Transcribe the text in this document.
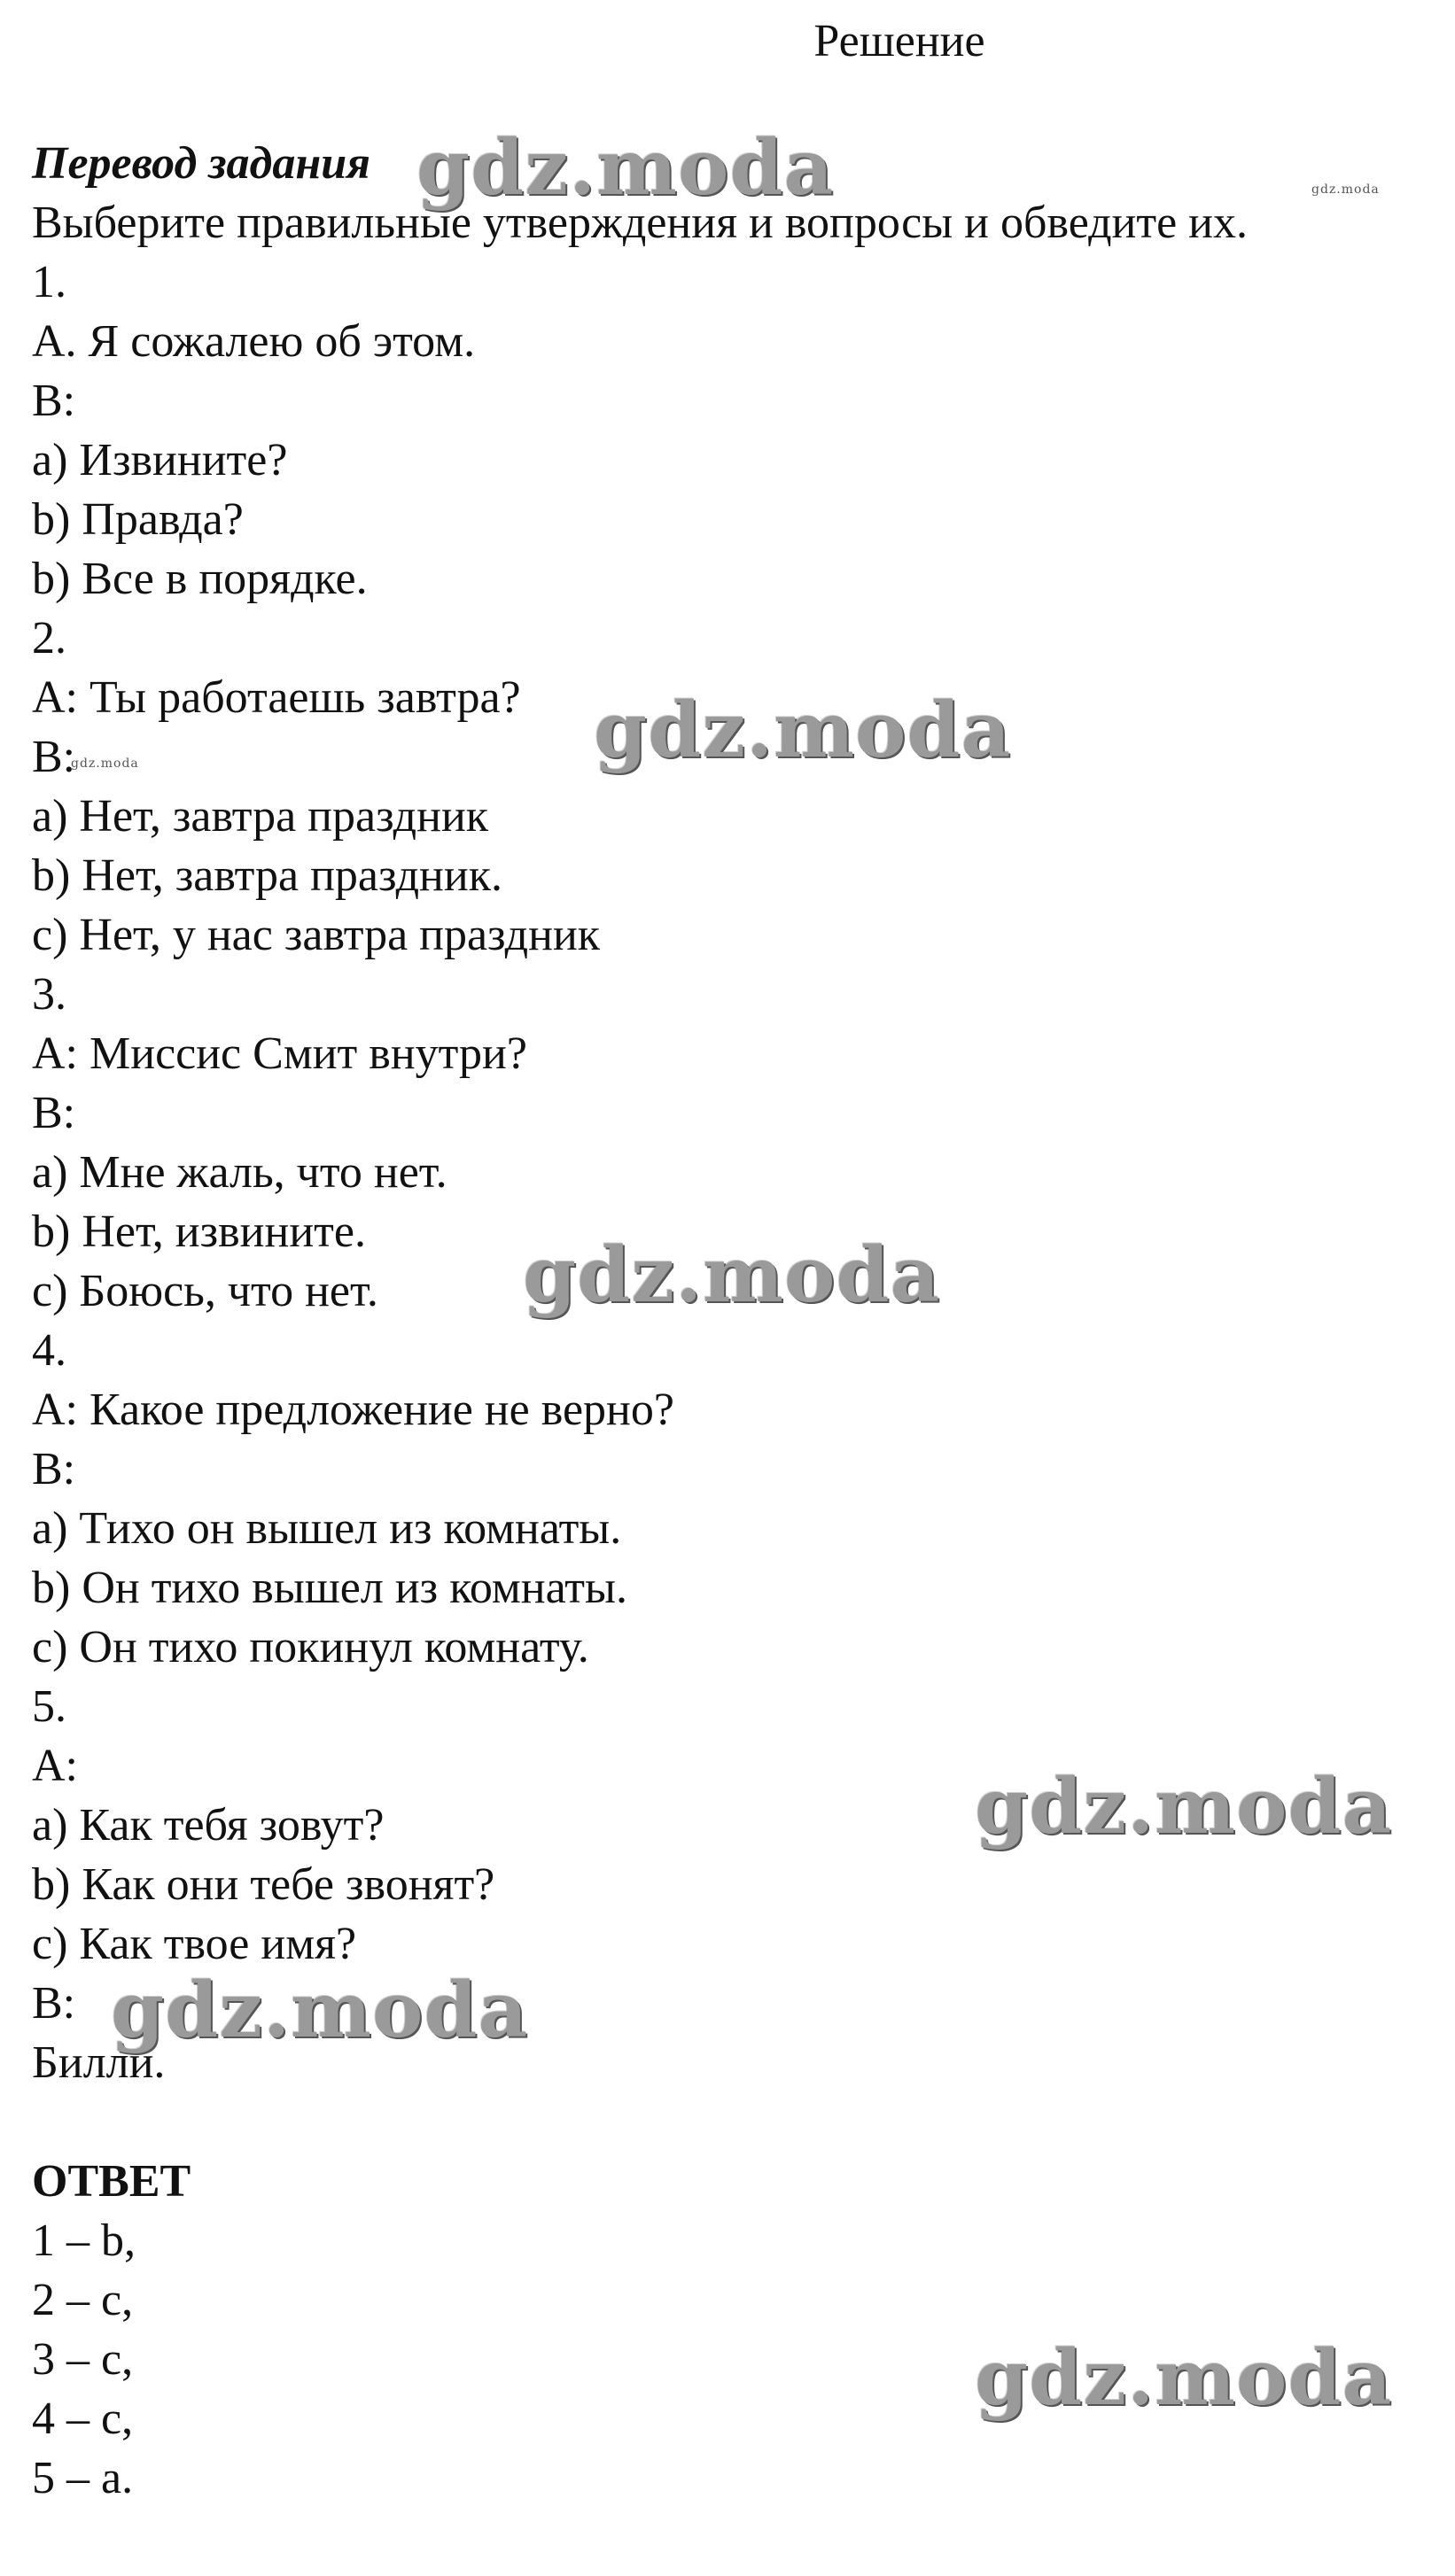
Решение
Перевод задания
Выберите правильные утверждения и вопросы и обведите их.
1.
А. Я сожалею об этом.
В:
a) Извините?
b) Правда?
b) Все в порядке.
2.
А: Ты работаешь завтра?
В:
a) Нет, завтра праздник
b) Нет, завтра праздник.
c) Нет, у нас завтра праздник
3.
А: Миссис Смит внутри?
В:
a) Мне жаль, что нет.
b) Нет, извините.
c) Боюсь, что нет.
4.
А: Какое предложение не верно?
В:
a) Тихо он вышел из комнаты.
b) Он тихо вышел из комнаты.
c) Он тихо покинул комнату.
5.
А:
a) Как тебя зовут?
b) Как они тебе звонят?
c) Как твое имя?
В:
Билли.
ОТВЕТ
1 – b,
2 – c,
3 – c,
4 – c,
5 – a.
gdz.moda	gdz.moda
gdz.moda
gdz.moda
gdz.moda
gdz.moda
gdz.moda
gdz.moda
